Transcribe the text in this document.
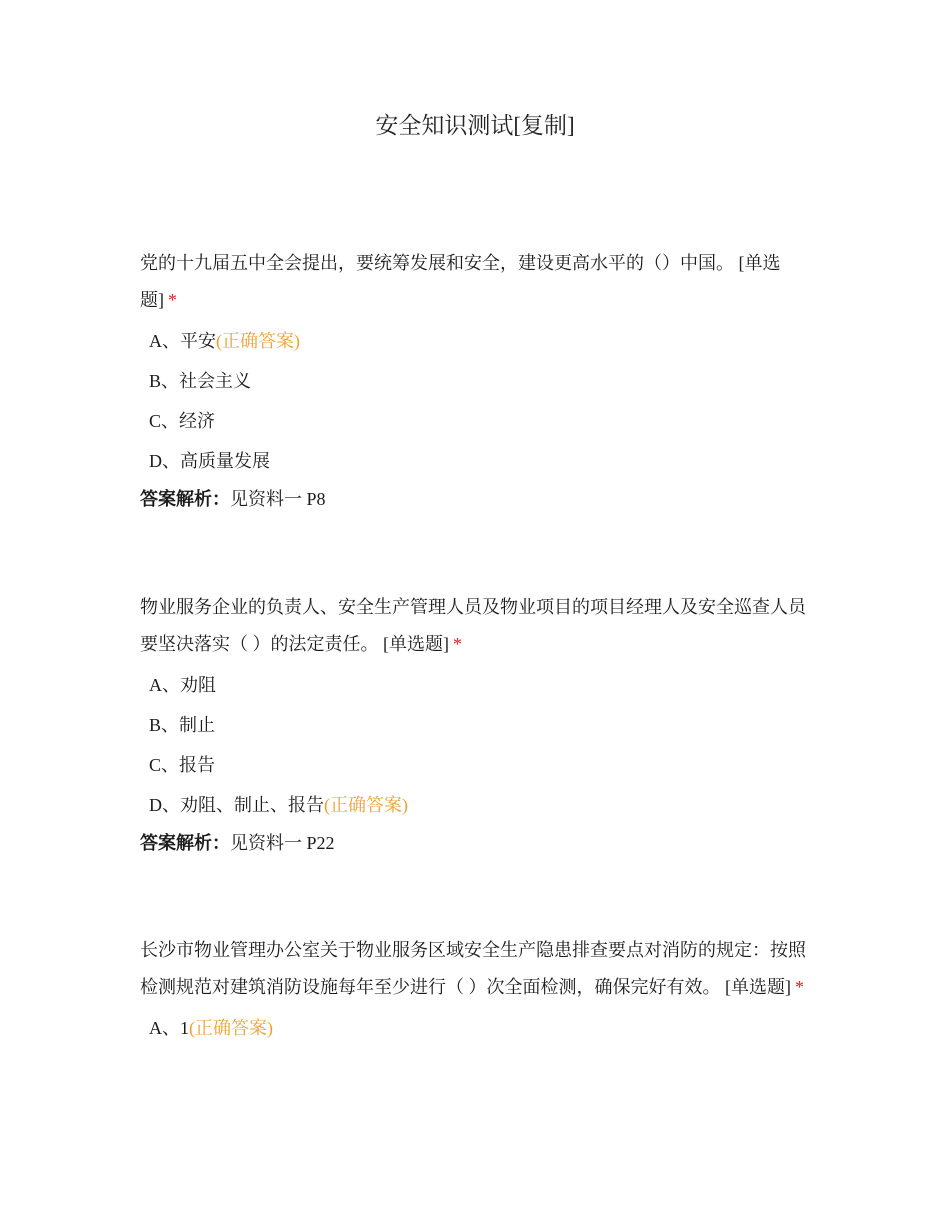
安全知识测试[复制]

党的十九届五中全会提出，要统筹发展和安全，建设更高水平的（）中国。 [单选题] *

A、平安(正确答案)
B、社会主义
C、经济
D、高质量发展
答案解析：见资料一 P8

物业服务企业的负责人、安全生产管理人员及物业项目的项目经理人及安全巡查人员要坚决落实（ ）的法定责任。 [单选题] *

A、劝阻
B、制止
C、报告
D、劝阻、制止、报告(正确答案)
答案解析：见资料一 P22

长沙市物业管理办公室关于物业服务区域安全生产隐患排查要点对消防的规定：按照检测规范对建筑消防设施每年至少进行（ ）次全面检测，确保完好有效。 [单选题] *

A、1(正确答案)
